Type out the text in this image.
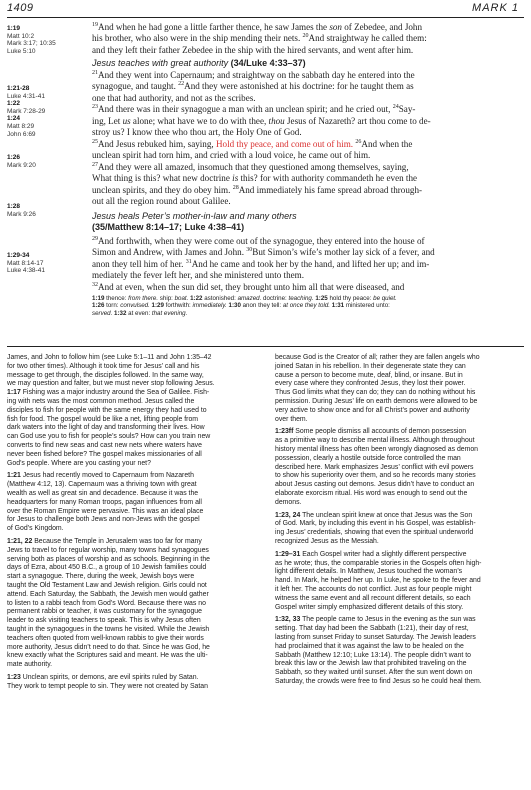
1409	MARK 1
1:19
Matt 10:2
Mark 3:17; 10:35
Luke 5:10
1:21-28
Luke 4:31-41
1:22
Mark 7:28-29
1:24
Matt 8:29
John 6:69
1:26
Mark 9:20
1:28
Mark 9:26
1:29-34
Matt 8:14-17
Luke 4:38-41

$^{19}$And when he had gone a little farther thence, he saw James the son of Zebedee, and John

his brother, who also were in the ship mending their nets. $^{20}$And straightway he called them:

and they left their father Zebedee in the ship with the hired servants, and went after him.

Jesus teaches with great authority (34/Luke 4:33–37)

$^{21}$And they went into Capernaum; and straightway on the sabbath day he entered into the

synagogue, and taught. $^{22}$And they were astonished at his doctrine: for he taught them as

one that had authority, and not as the scribes.

$^{23}$And there was in their synagogue a man with an unclean spirit; and he cried out, $^{24}$Say-

ing, Let us alone; what have we to do with thee, thou Jesus of Nazareth? art thou come to de-

stroy us? I know thee who thou art, the Holy One of God.

$^{25}$And Jesus rebuked him, saying, Hold thy peace, and come out of him. $^{26}$And when the

unclean spirit had torn him, and cried with a loud voice, he came out of him.

$^{27}$And they were all amazed, insomuch that they questioned among themselves, saying,

What thing is this? what new doctrine is this? for with authority commandeth he even the

unclean spirits, and they do obey him. $^{28}$And immediately his fame spread abroad through-

out all the region round about Galilee.

Jesus heals Peter’s mother-in-law and many others
(35/Matthew 8:14–17; Luke 4:38–41)

$^{29}$And forthwith, when they were come out of the synagogue, they entered into the house of

Simon and Andrew, with James and John. $^{30}$But Simon’s wife’s mother lay sick of a fever, and

anon they tell him of her. $^{31}$And he came and took her by the hand, and lifted her up; and im-

mediately the fever left her, and she ministered unto them.

$^{32}$And at even, when the sun did set, they brought unto him all that were diseased, and

1:19 thence: from there. ship: boat. 1:22 astonished: amazed. doctrine: teaching. 1:25 hold thy peace: be quiet.

1:26 torn: convulsed. 1:29 forthwith: immediately. 1:30 anon they tell: at once they told. 1:31 ministered unto:

served. 1:32 at even: that evening.

James, and John to follow him (see Luke 5:1–11 and John 1:35–42

for two other times). Although it took time for Jesus’ call and his

message to get through, the disciples followed. In the same way,

we may question and falter, but we must never stop following Jesus.

1:17 Fishing was a major industry around the Sea of Galilee. Fish-

ing with nets was the most common method. Jesus called the

disciples to fish for people with the same energy they had used to

fish for food. The gospel would be like a net, lifting people from

dark waters into the light of day and transforming their lives. How

can God use you to fish for people’s souls? How can you train new

converts to find new seas and cast new nets where waters have

never been fished before? The gospel makes missionaries of all

God’s people. Where are you casting your net?

1:21 Jesus had recently moved to Capernaum from Nazareth

(Matthew 4:12, 13). Capernaum was a thriving town with great

wealth as well as great sin and decadence. Because it was the

headquarters for many Roman troops, pagan influences from all

over the Roman Empire were pervasive. This was an ideal place

for Jesus to challenge both Jews and non-Jews with the gospel

of God’s Kingdom.

1:21, 22 Because the Temple in Jerusalem was too far for many

Jews to travel to for regular worship, many towns had synagogues

serving both as places of worship and as schools. Beginning in the

days of Ezra, about 450 B.C., a group of 10 Jewish families could

start a synagogue. There, during the week, Jewish boys were

taught the Old Testament Law and Jewish religion. Girls could not

attend. Each Saturday, the Sabbath, the Jewish men would gather

to listen to a rabbi teach from God’s Word. Because there was no

permanent rabbi or teacher, it was customary for the synagogue

leader to ask visiting teachers to speak. This is why Jesus often

taught in the synagogues in the towns he visited. While the Jewish

teachers often quoted from well-known rabbis to give their words

more authority, Jesus didn’t need to do that. Since he was God, he

knew exactly what the Scriptures said and meant. He was the ulti-

mate authority.

1:23 Unclean spirits, or demons, are evil spirits ruled by Satan.

They work to tempt people to sin. They were not created by Satan

because God is the Creator of all; rather they are fallen angels who

joined Satan in his rebellion. In their degenerate state they can

cause a person to become mute, deaf, blind, or insane. But in

every case where they confronted Jesus, they lost their power.

Thus God limits what they can do; they can do nothing without his

permission. During Jesus’ life on earth demons were allowed to be

very active to show once and for all Christ’s power and authority

over them.

1:23ff Some people dismiss all accounts of demon possession

as a primitive way to describe mental illness. Although throughout

history mental illness has often been wrongly diagnosed as demon

possession, clearly a hostile outside force controlled the man

described here. Mark emphasizes Jesus’ conflict with evil powers

to show his superiority over them, and so he records many stories

about Jesus casting out demons. Jesus didn’t have to conduct an

elaborate exorcism ritual. His word was enough to send out the

demons.

1:23, 24 The unclean spirit knew at once that Jesus was the Son

of God. Mark, by including this event in his Gospel, was establish-

ing Jesus’ credentials, showing that even the spiritual underworld

recognized Jesus as the Messiah.

1:29–31 Each Gospel writer had a slightly different perspective

as he wrote; thus, the comparable stories in the Gospels often high-

light different details. In Matthew, Jesus touched the woman’s

hand. In Mark, he helped her up. In Luke, he spoke to the fever and

it left her. The accounts do not conflict. Just as four people might

witness the same event and all recount different details, so each

Gospel writer simply emphasized different details of this story.

1:32, 33 The people came to Jesus in the evening as the sun was

setting. That day had been the Sabbath (1:21), their day of rest,

lasting from sunset Friday to sunset Saturday. The Jewish leaders

had proclaimed that it was against the law to be healed on the

Sabbath (Matthew 12:10; Luke 13:14). The people didn’t want to

break this law or the Jewish law that prohibited traveling on the

Sabbath, so they waited until sunset. After the sun went down on

Saturday, the crowds were free to find Jesus so he could heal them.
